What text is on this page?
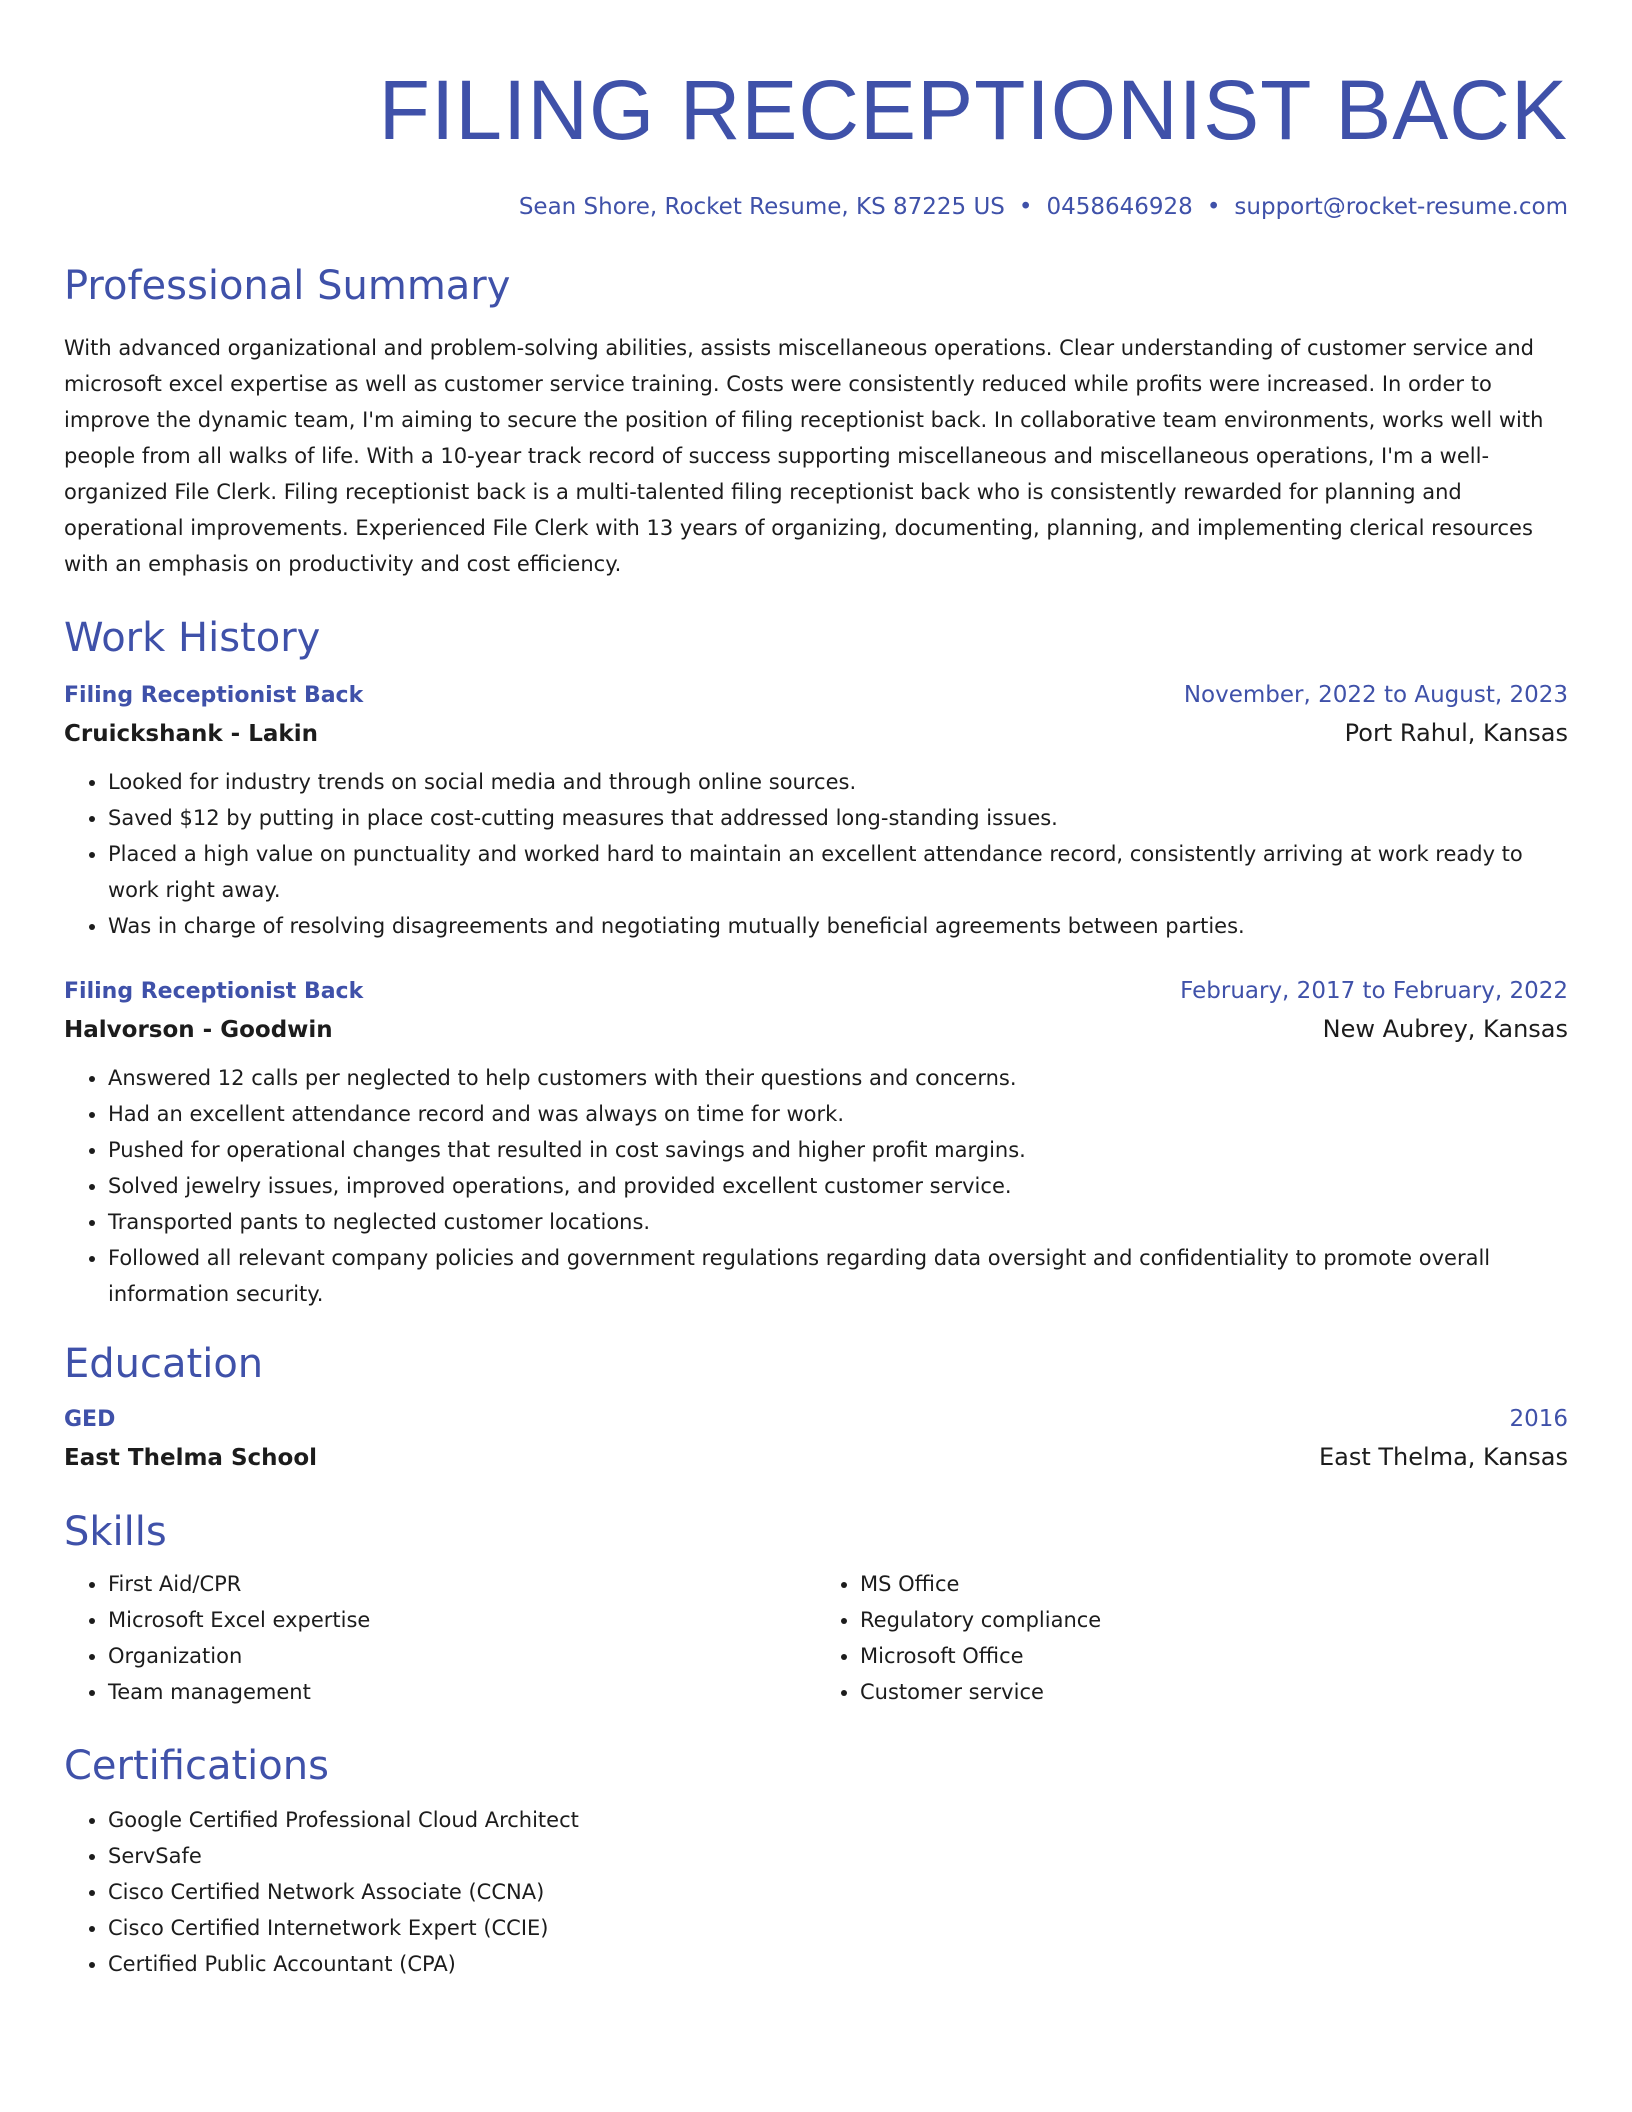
FILING RECEPTIONIST BACK
Sean Shore, Rocket Resume, KS 87225 US • 0458646928 • support@rocket-resume.com
Professional Summary

With advanced organizational and problem-solving abilities, assists miscellaneous operations. Clear understanding of customer service and microsoft excel expertise as well as customer service training. Costs were consistently reduced while profits were increased. In order to improve the dynamic team, I'm aiming to secure the position of filing receptionist back. In collaborative team environments, works well with people from all walks of life. With a 10-year track record of success supporting miscellaneous and miscellaneous operations, I'm a well-organized File Clerk. Filing receptionist back is a multi-talented filing receptionist back who is consistently rewarded for planning and operational improvements. Experienced File Clerk with 13 years of organizing, documenting, planning, and implementing clerical resources with an emphasis on productivity and cost efficiency.

Work History
Filing Receptionist Back	November, 2022 to August, 2023
Cruickshank - Lakin	Port Rahul, Kansas
• Looked for industry trends on social media and through online sources.
• Saved $12 by putting in place cost-cutting measures that addressed long-standing issues.
• Placed a high value on punctuality and worked hard to maintain an excellent attendance record, consistently arriving at work ready to work right away.
• Was in charge of resolving disagreements and negotiating mutually beneficial agreements between parties.
Filing Receptionist Back	February, 2017 to February, 2022
Halvorson - Goodwin	New Aubrey, Kansas
• Answered 12 calls per neglected to help customers with their questions and concerns.
• Had an excellent attendance record and was always on time for work.
• Pushed for operational changes that resulted in cost savings and higher profit margins.
• Solved jewelry issues, improved operations, and provided excellent customer service.
• Transported pants to neglected customer locations.
• Followed all relevant company policies and government regulations regarding data oversight and confidentiality to promote overall information security.
Education
GED	2016
East Thelma School	East Thelma, Kansas
Skills
• First Aid/CPR
• Microsoft Excel expertise
• Organization
• Team management
• MS Office
• Regulatory compliance
• Microsoft Office
• Customer service
Certifications
• Google Certified Professional Cloud Architect
• ServSafe
• Cisco Certified Network Associate (CCNA)
• Cisco Certified Internetwork Expert (CCIE)
• Certified Public Accountant (CPA)
